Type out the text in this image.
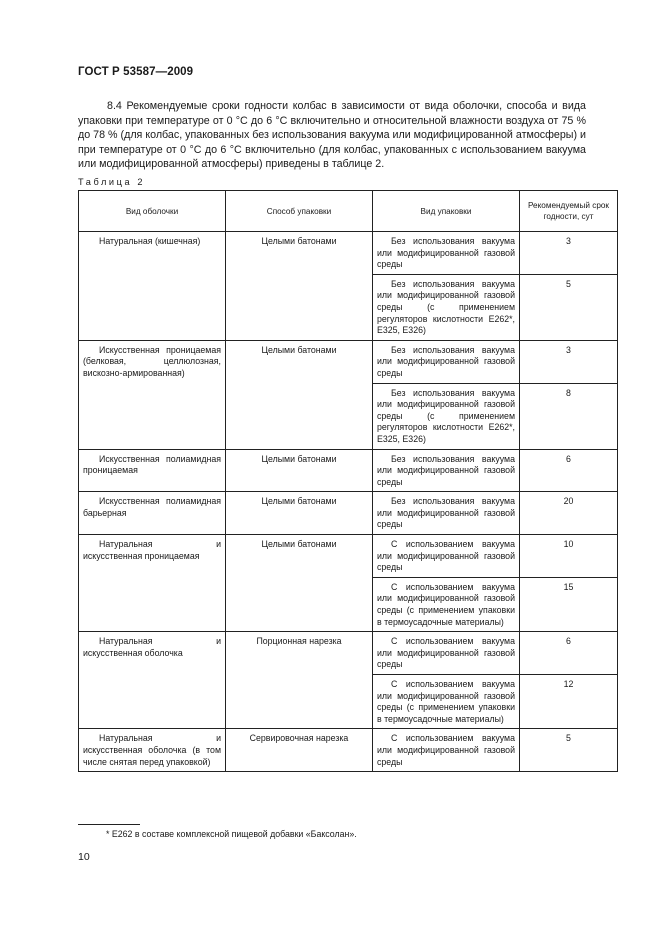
ГОСТ Р 53587—2009

8.4 Рекомендуемые сроки годности колбас в зависимости от вида оболочки, способа и вида упаковки при температуре от 0 °С до 6 °С включительно и относительной влажности воздуха от 75 % до 78 % (для колбас, упакованных без использования вакуума или модифицированной атмосферы) и при температуре от 0 °С до 6 °С включительно (для колбас, упакованных с использованием вакуума или модифицированной атмосферы) приведены в таблице 2.

Таблица 2
Вид оболочки	Способ упаковки	Вид упаковки	Рекомендуемый срок годности, сут
Натуральная (кишечная)	Целыми батонами	Без использования вакуума или модифицированной газовой среды	3
		Без использования вакуума или модифицированной газовой среды (с применением регуляторов кислотности Е262*, Е325, Е326)	5
Искусственная проницаемая (белковая, целлюлозная, вискозно-армированная)	Целыми батонами	Без использования вакуума или модифицированной газовой среды	3
		Без использования вакуума или модифицированной газовой среды (с применением регуляторов кислотности Е262*, Е325, Е326)	8
Искусственная полиамидная проницаемая	Целыми батонами	Без использования вакуума или модифицированной газовой среды	6
Искусственная полиамидная барьерная	Целыми батонами	Без использования вакуума или модифицированной газовой среды	20
Натуральная и искусственная проницаемая	Целыми батонами	С использованием вакуума или модифицированной газовой среды	10
		С использованием вакуума или модифицированной газовой среды (с применением упаковки в термоусадочные материалы)	15
Натуральная и искусственная оболочка	Порционная нарезка	С использованием вакуума или модифицированной газовой среды	6
		С использованием вакуума или модифицированной газовой среды (с применением упаковки в термоусадочные материалы)	12
Натуральная и искусственная оболочка (в том числе снятая перед упаковкой)	Сервировочная нарезка	С использованием вакуума или модифицированной газовой среды	5
* Е262 в составе комплексной пищевой добавки «Баксолан».
10
